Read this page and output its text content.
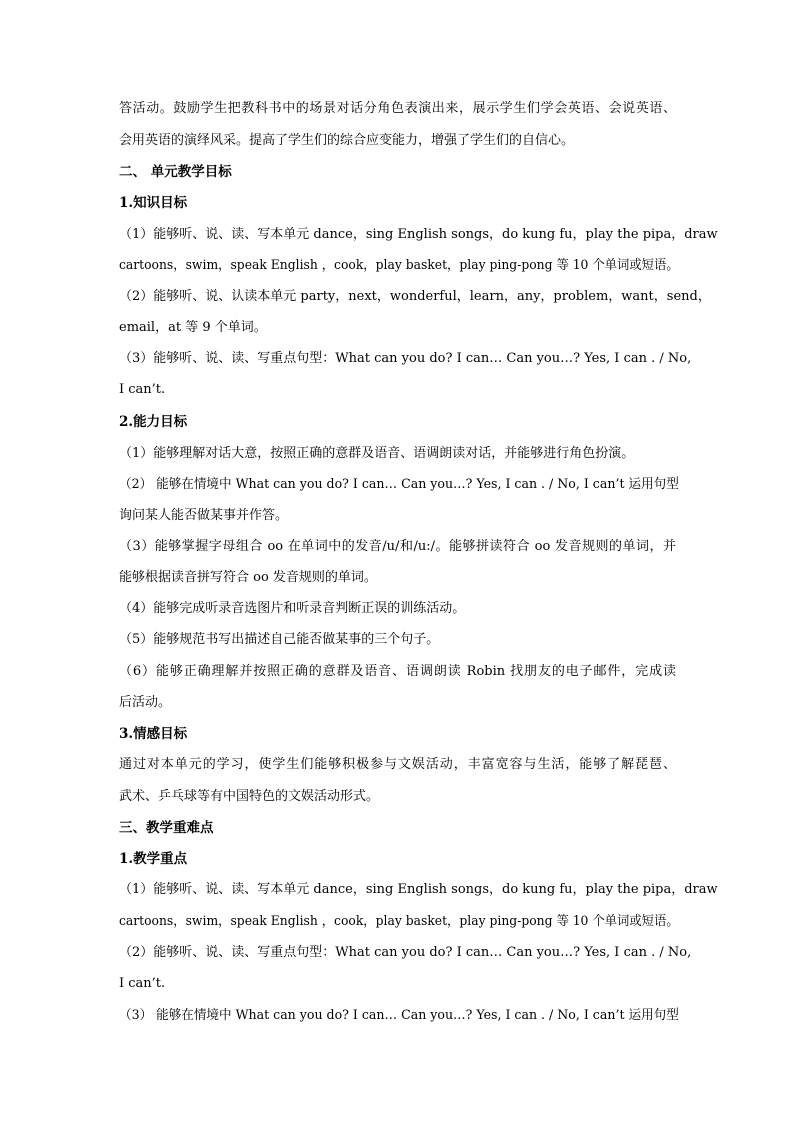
答活动。鼓励学生把教科书中的场景对话分角色表演出来，展示学生们学会英语、会说英语、
会用英语的演绎风采。提高了学生们的综合应变能力，增强了学生们的自信心。
二、 单元教学目标
1.知识目标
（1）能够听、说、读、写本单元 dance，sing English songs，do kung fu，play the pipa，draw
cartoons，swim，speak English ，cook，play basket，play ping-pong 等 10 个单词或短语。
（2）能够听、说、认读本单元 party，next，wonderful，learn，any，problem，want，send，
email，at 等 9 个单词。
（3）能够听、说、读、写重点句型：What can you do? I can… Can you…? Yes, I can . / No,
I can’t.
2.能力目标
（1）能够理解对话大意，按照正确的意群及语音、语调朗读对话，并能够进行角色扮演。
（2） 能够在情境中 What can you do? I can… Can you…? Yes, I can . / No, I can’t 运用句型
询问某人能否做某事并作答。
（3）能够掌握字母组合 oo 在单词中的发音/u/和/u:/。能够拼读符合 oo 发音规则的单词，并
能够根据读音拼写符合 oo 发音规则的单词。
（4）能够完成听录音选图片和听录音判断正误的训练活动。
（5）能够规范书写出描述自己能否做某事的三个句子。
（6）能够正确理解并按照正确的意群及语音、语调朗读 Robin 找朋友的电子邮件，完成读
后活动。
3.情感目标
通过对本单元的学习，使学生们能够积极参与文娱活动，丰富宽容与生活，能够了解琵琶、
武术、乒乓球等有中国特色的文娱活动形式。
三、教学重难点
1.教学重点
（1）能够听、说、读、写本单元 dance，sing English songs，do kung fu，play the pipa，draw
cartoons，swim，speak English ，cook，play basket，play ping-pong 等 10 个单词或短语。
（2）能够听、说、读、写重点句型：What can you do? I can… Can you…? Yes, I can . / No,
I can’t.
（3） 能够在情境中 What can you do? I can… Can you…? Yes, I can . / No, I can’t 运用句型
